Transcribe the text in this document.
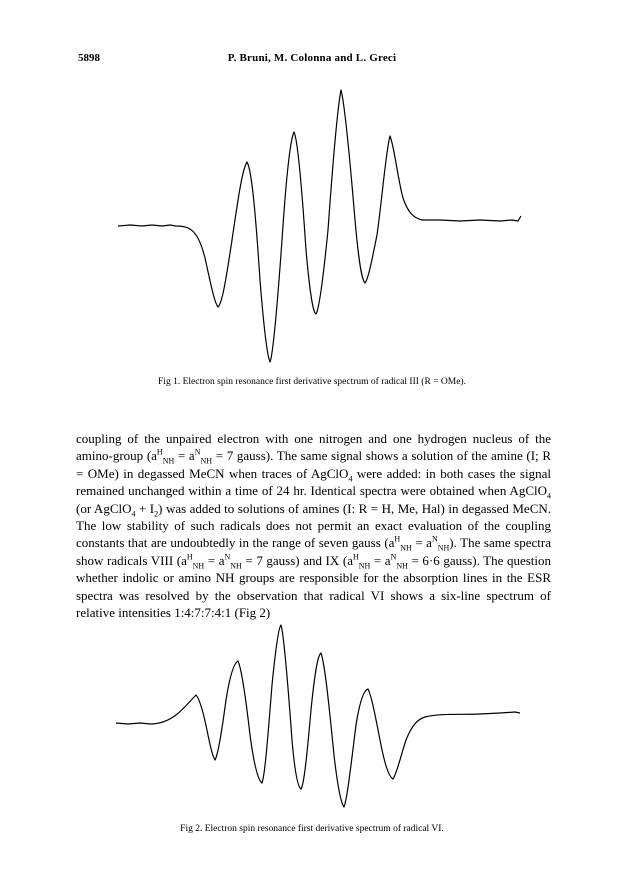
5898	P. Bruni, M. Colonna and L. Greci
Fig 1. Electron spin resonance first derivative spectrum of radical III (R = OMe).

coupling of the unpaired electron with one nitrogen and one hydrogen nucleus of the amino-group ($a^H_{NH} = a^N_{NH} = 7$ gauss). The same signal shows a solution of the amine (I; R = OMe) in degassed MeCN when traces of AgClO$_4$ were added: in both cases the signal remained unchanged within a time of 24 hr. Identical spectra were obtained when AgClO$_4$ (or AgClO$_4$ + $I_2$) was added to solutions of amines (I: R = H, Me, Hal) in degassed MeCN. The low stability of such radicals does not permit an exact evaluation of the coupling constants that are undoubtedly in the range of seven gauss $(a^H_{NH} = a^N_{NH})$. The same spectra show radicals VIII ($a^H_{NH} = a^N_{NH} = 7$ gauss) and IX ($a^H_{NH} = a^N_{NH} = 6\cdot 6$ gauss). The question whether indolic or amino NH groups are responsible for the absorption lines in the ESR spectra was resolved by the observation that radical VI shows a six-line spectrum of relative intensities 1:4:7:7:4:1 (Fig 2)

Fig 2. Electron spin resonance first derivative spectrum of radical VI.
